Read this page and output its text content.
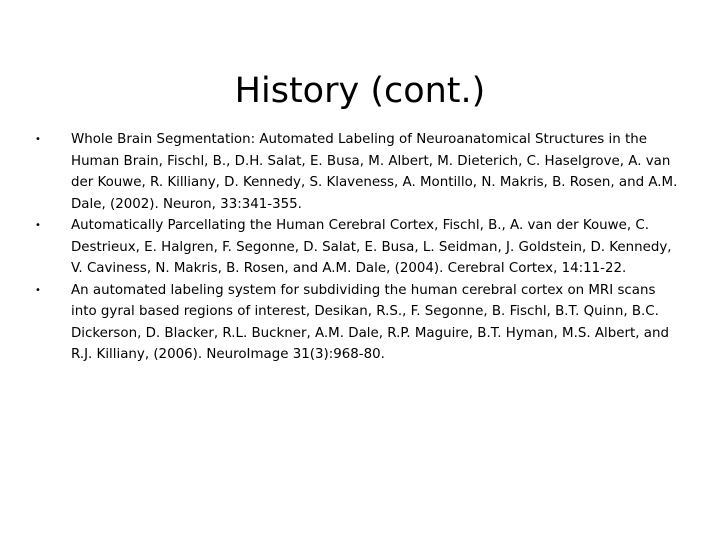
History (cont.)
•	Whole Brain Segmentation: Automated Labeling of Neuroanatomical Structures in the Human Brain, Fischl, B., D.H. Salat, E. Busa, M. Albert, M. Dieterich, C. Haselgrove, A. van der Kouwe, R. Killiany, D. Kennedy, S. Klaveness, A. Montillo, N. Makris, B. Rosen, and A.M. Dale, (2002). Neuron, 33:341-355.
•	Automatically Parcellating the Human Cerebral Cortex, Fischl, B., A. van der Kouwe, C. Destrieux, E. Halgren, F. Segonne, D. Salat, E. Busa, L. Seidman, J. Goldstein, D. Kennedy, V. Caviness, N. Makris, B. Rosen, and A.M. Dale, (2004). Cerebral Cortex, 14:11-22.
•	An automated labeling system for subdividing the human cerebral cortex on MRI scans into gyral based regions of interest, Desikan, R.S., F. Segonne, B. Fischl, B.T. Quinn, B.C. Dickerson, D. Blacker, R.L. Buckner, A.M. Dale, R.P. Maguire, B.T. Hyman, M.S. Albert, and R.J. Killiany, (2006). NeuroImage 31(3):968-80.
